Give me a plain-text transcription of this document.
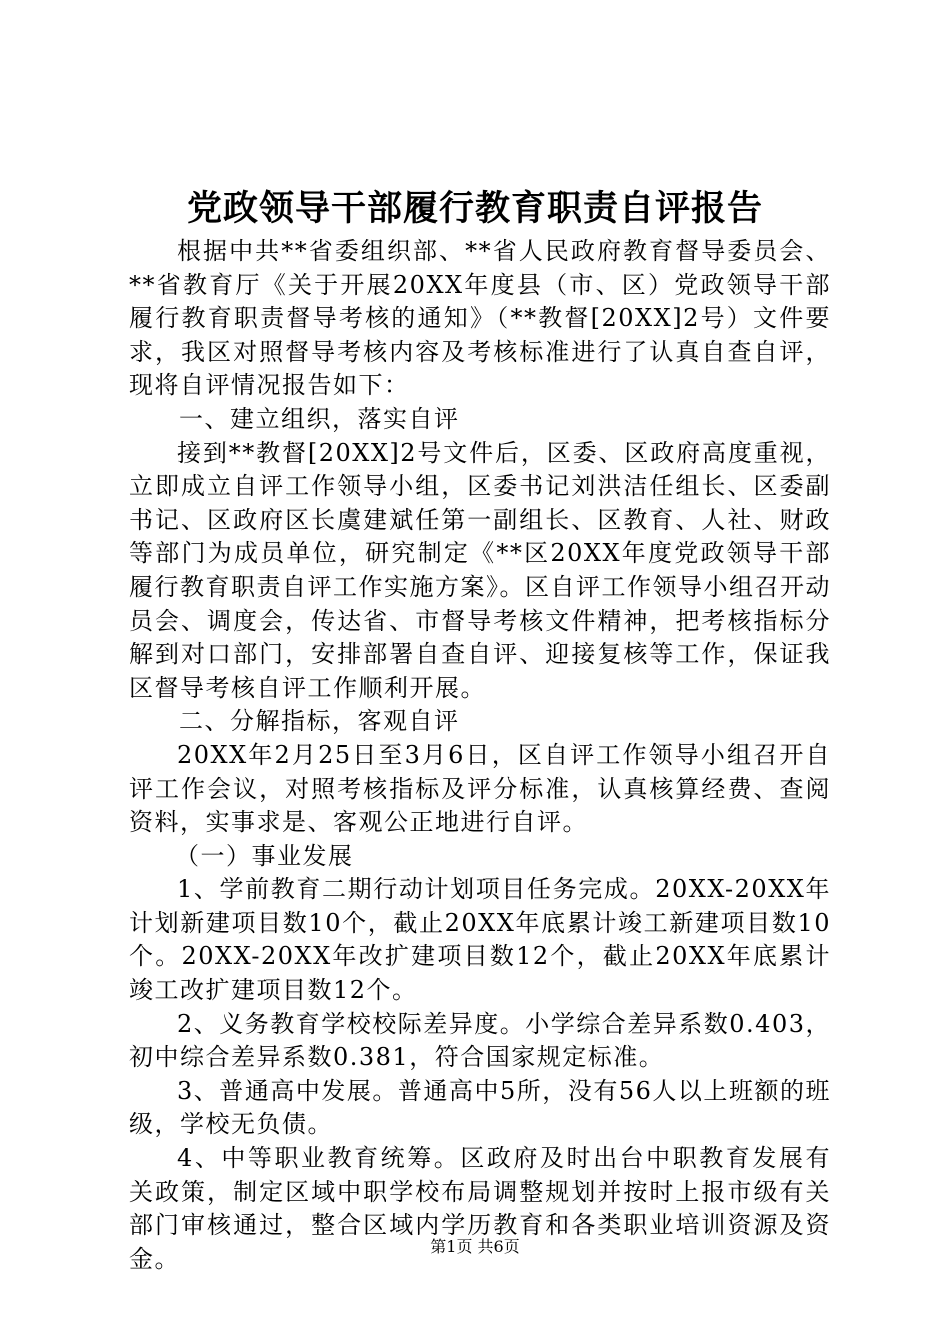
党政领导干部履行教育职责自评报告

根据中共**省委组织部、**省人民政府教育督导委员会、**省教育厅《关于开展20XX年度县（市、区）党政领导干部履行教育职责督导考核的通知》（**教督[20XX]2号）文件要求，我区对照督导考核内容及考核标准进行了认真自查自评，现将自评情况报告如下：

一、建立组织，落实自评

接到**教督[20XX]2号文件后，区委、区政府高度重视，立即成立自评工作领导小组，区委书记刘洪洁任组长、区委副书记、区政府区长虞建斌任第一副组长、区教育、人社、财政等部门为成员单位，研究制定《**区20XX年度党政领导干部履行教育职责自评工作实施方案》。区自评工作领导小组召开动员会、调度会，传达省、市督导考核文件精神，把考核指标分解到对口部门，安排部署自查自评、迎接复核等工作，保证我区督导考核自评工作顺利开展。

二、分解指标，客观自评

20XX年2月25日至3月6日，区自评工作领导小组召开自评工作会议，对照考核指标及评分标准，认真核算经费、查阅资料，实事求是、客观公正地进行自评。

（一）事业发展

1、学前教育二期行动计划项目任务完成。20XX-20XX年计划新建项目数10个，截止20XX年底累计竣工新建项目数10个。20XX-20XX年改扩建项目数12个，截止20XX年底累计竣工改扩建项目数12个。

2、义务教育学校校际差异度。小学综合差异系数0.403，初中综合差异系数0.381，符合国家规定标准。

3、普通高中发展。普通高中5所，没有56人以上班额的班级，学校无负债。

4、中等职业教育统筹。区政府及时出台中职教育发展有关政策，制定区域中职学校布局调整规划并按时上报市级有关部门审核通过，整合区域内学历教育和各类职业培训资源及资金。	第1页 共6页
